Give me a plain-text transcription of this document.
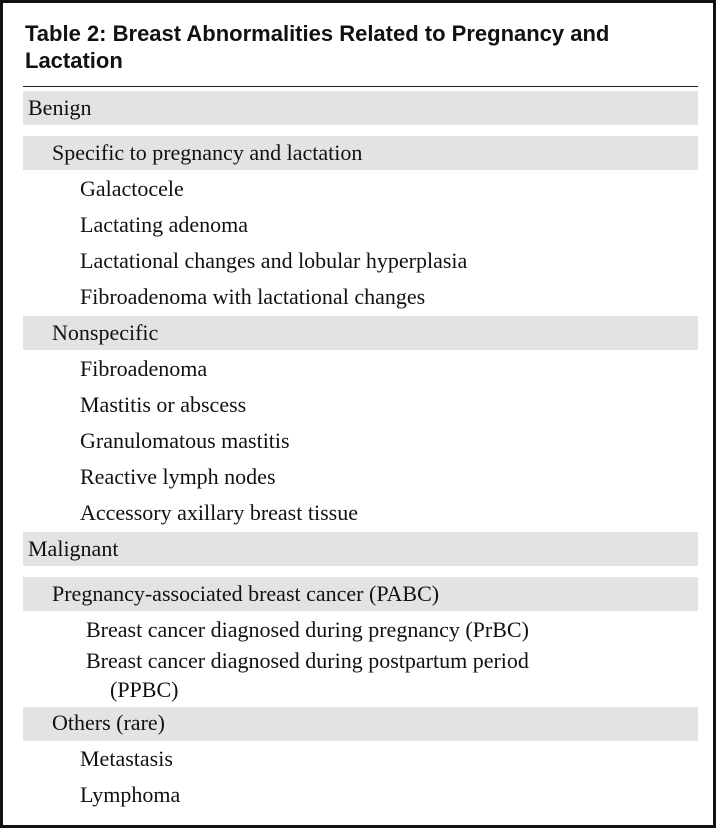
Table 2: Breast Abnormalities Related to Pregnancy and
Lactation
Benign
Specific to pregnancy and lactation
Galactocele
Lactating adenoma
Lactational changes and lobular hyperplasia
Fibroadenoma with lactational changes
Nonspecific
Fibroadenoma
Mastitis or abscess
Granulomatous mastitis
Reactive lymph nodes
Accessory axillary breast tissue
Malignant
Pregnancy-associated breast cancer (PABC)
Breast cancer diagnosed during pregnancy (PrBC)
Breast cancer diagnosed during postpartum period
(PPBC)
Others (rare)
Metastasis
Lymphoma
